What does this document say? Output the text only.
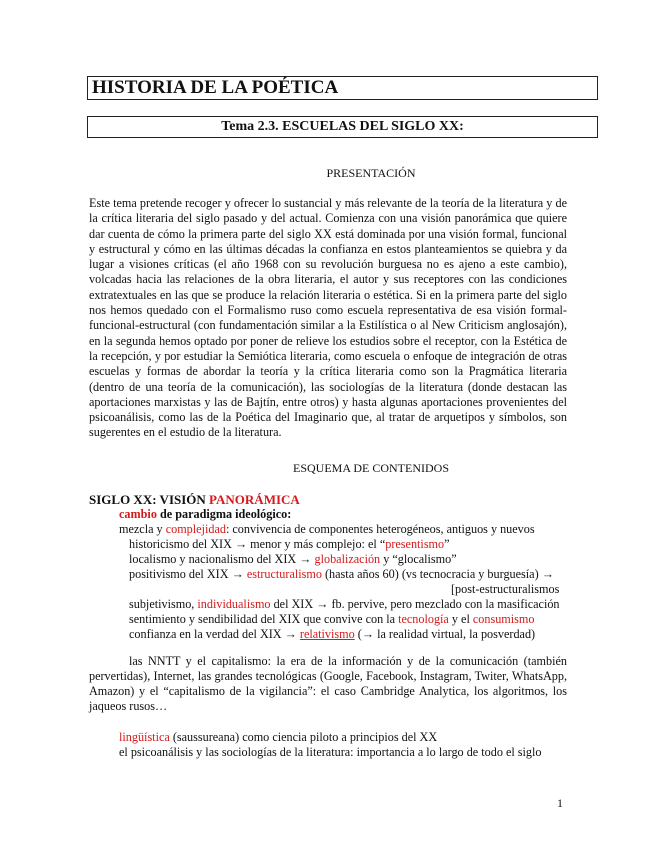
HISTORIA DE LA POÉTICA
Tema 2.3. ESCUELAS DEL SIGLO XX:
PRESENTACIÓN

Este tema pretende recoger y ofrecer lo sustancial y más relevante de la teoría de la literatura y de la crítica literaria del siglo pasado y del actual. Comienza con una visión panorámica que quiere dar cuenta de cómo la primera parte del siglo XX está dominada por una visión formal, funcional y estructural y cómo en las últimas décadas la confianza en estos planteamientos se quiebra y da lugar a visiones críticas (el año 1968 con su revolución burguesa no es ajeno a este cambio), volcadas hacia las relaciones de la obra literaria, el autor y sus receptores con las condiciones extratextuales en las que se produce la relación literaria o estética. Si en la primera parte del siglo nos hemos quedado con el Formalismo ruso como escuela representativa de esa visión formal-funcional-estructural (con fundamentación similar a la Estilística o al New Criticism anglosajón), en la segunda hemos optado por poner de relieve los estudios sobre el receptor, con la Estética de la recepción, y por estudiar la Semiótica literaria, como escuela o enfoque de integración de otras escuelas y formas de abordar la teoría y la crítica literaria como son la Pragmática literaria (dentro de una teoría de la comunicación), las sociologías de la literatura (donde destacan las aportaciones marxistas y las de Bajtín, entre otros) y hasta algunas aportaciones provenientes del psicoanálisis, como las de la Poética del Imaginario que, al tratar de arquetipos y símbolos, son sugerentes en el estudio de la literatura.

ESQUEMA DE CONTENIDOS
SIGLO XX: VISIÓN PANORÁMICA
cambio de paradigma ideológico:
mezcla y complejidad: convivencia de componentes heterogéneos, antiguos y nuevos
historicismo del XIX → menor y más complejo: el “presentismo”
localismo y nacionalismo del XIX → globalización y “glocalismo”
positivismo del XIX → estructuralismo (hasta años 60) (vs tecnocracia y burguesía) →
[post-estructuralismos
subjetivismo, individualismo del XIX → fb. pervive, pero mezclado con la masificación
sentimiento y sendibilidad del XIX que convive con la tecnología y el consumismo
confianza en la verdad del XIX → relativismo (→ la realidad virtual, la posverdad)

las NNTT y el capitalismo: la era de la información y de la comunicación (también pervertidas), Internet, las grandes tecnológicas (Google, Facebook, Instagram, Twiter, WhatsApp, Amazon) y el “capitalismo de la vigilancia”: el caso Cambridge Analytica, los algoritmos, los jaqueos rusos…

lingüística (saussureana) como ciencia piloto a principios del XX
el psicoanálisis y las sociologías de la literatura: importancia a lo largo de todo el siglo
1
